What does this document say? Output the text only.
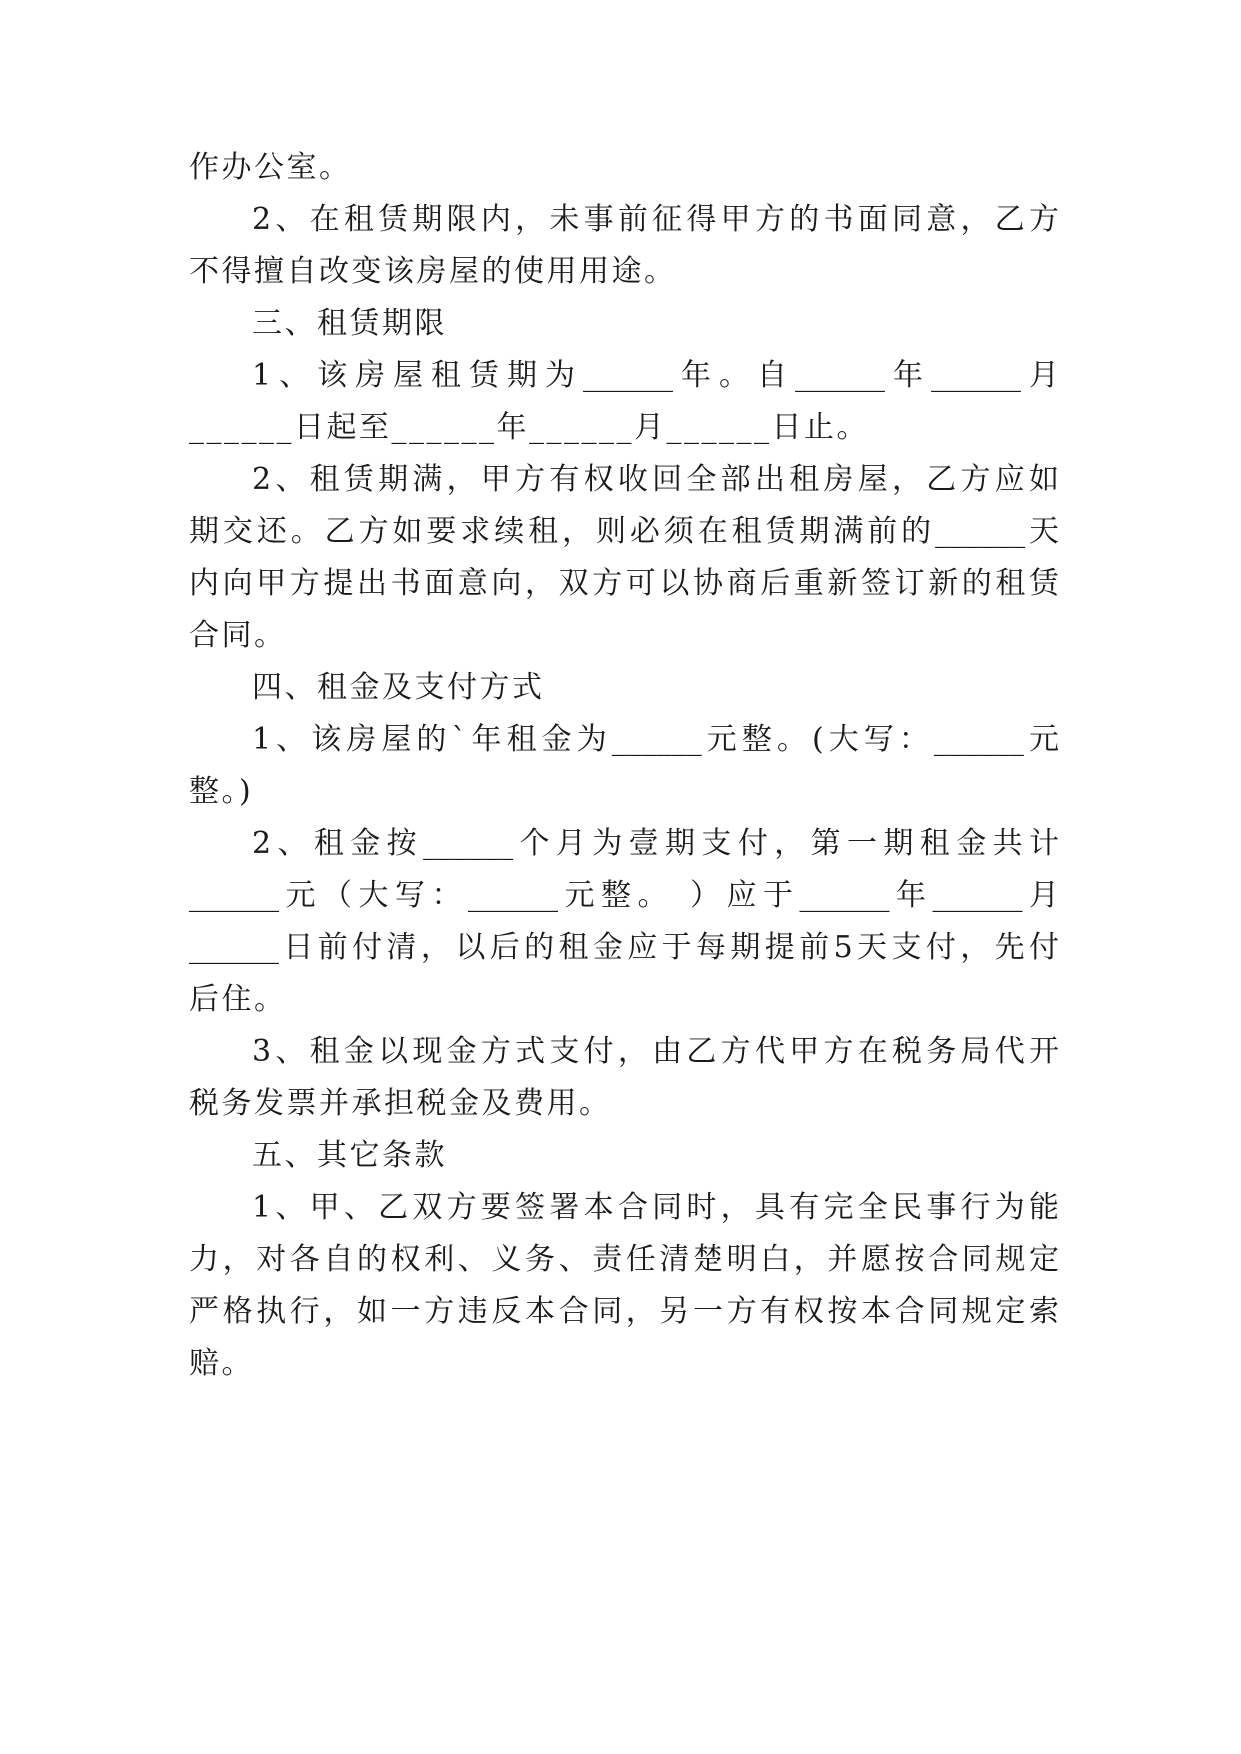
作办公室。
2、在租赁期限内，未事前征得甲方的书面同意，乙方
不得擅自改变该房屋的使用用途。
三、租赁期限
1、该房屋租赁期为______年。自______年______月
______日起至______年______月______日止。
2、租赁期满，甲方有权收回全部出租房屋，乙方应如
期交还。乙方如要求续租，则必须在租赁期满前的______天
内向甲方提出书面意向，双方可以协商后重新签订新的租赁
合同。
四、租金及支付方式
1、该房屋的`年租金为______元整。(大写：______元
整。)
2、租金按______个月为壹期支付，第一期租金共计
______元（大写：______元整。 ）应于______年______月
______日前付清，以后的租金应于每期提前5天支付，先付
后住。
3、租金以现金方式支付，由乙方代甲方在税务局代开
税务发票并承担税金及费用。
五、其它条款
1、甲、乙双方要签署本合同时，具有完全民事行为能
力，对各自的权利、义务、责任清楚明白，并愿按合同规定
严格执行，如一方违反本合同，另一方有权按本合同规定索
赔。
